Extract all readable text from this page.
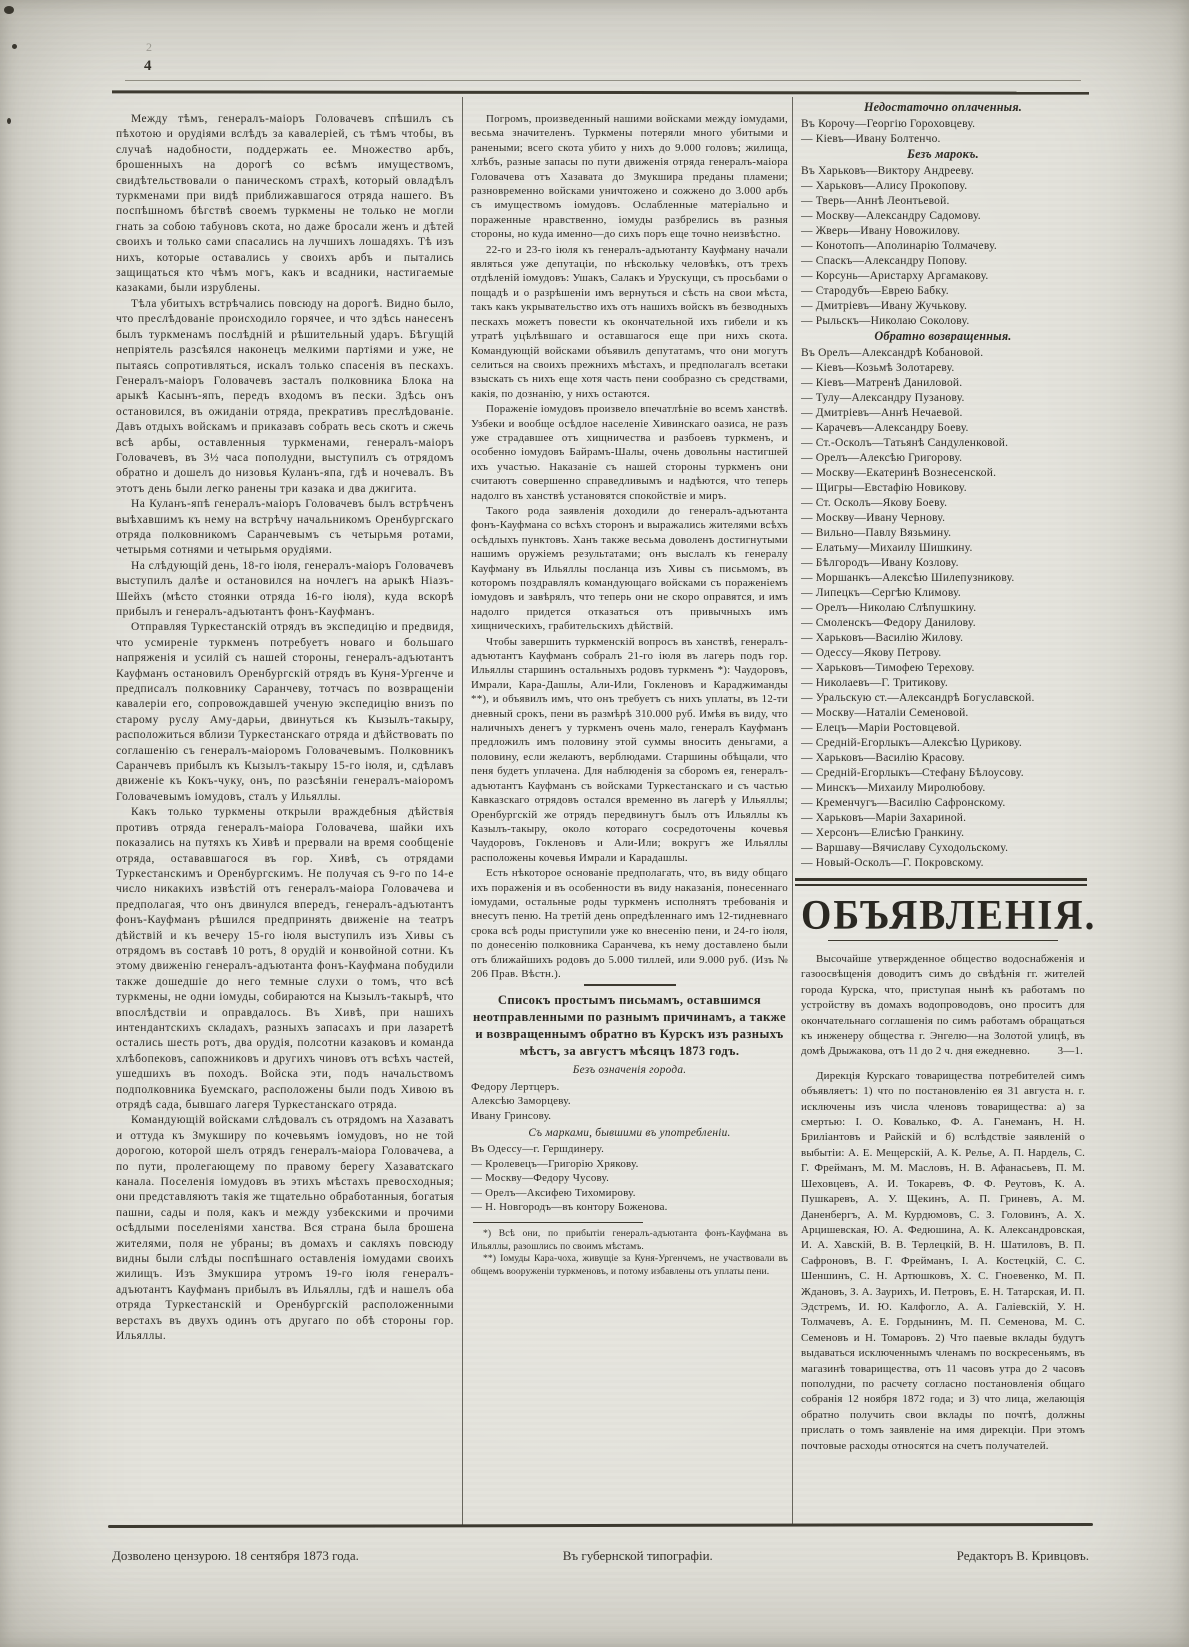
2
4

Между тѣмъ, генералъ-маіоръ Головачевъ спѣшилъ съ пѣхотою и орудіями вслѣдъ за кавалеріей, съ тѣмъ чтобы, въ случаѣ надобности, поддержать ее. Множество арбъ, брошенныхъ на дорогѣ со всѣмъ имуществомъ, свидѣтельствовали о паническомъ страхѣ, который овладѣлъ туркменами при видѣ приближавшагося отряда нашего. Въ поспѣшномъ бѣгствѣ своемъ туркмены не только не могли гнать за собою табуновъ скота, но даже бросали женъ и дѣтей своихъ и только сами спасались на лучшихъ лошадяхъ. Тѣ изъ нихъ, которые оставались у своихъ арбъ и пытались защищаться кто чѣмъ могъ, какъ и всадники, настигаемые казаками, были изрублены.

Тѣла убитыхъ встрѣчались повсюду на дорогѣ. Видно было, что преслѣдованіе происходило горячее, и что здѣсь нанесенъ былъ туркменамъ послѣдній и рѣшительный ударъ. Бѣгущій непріятель разсѣялся наконецъ мелкими партіями и уже, не пытаясь сопротивляться, искалъ только спасенія въ пескахъ. Генералъ-маіоръ Головачевъ засталъ полковника Блока на арыкѣ Касынъ-япъ, передъ входомъ въ пески. Здѣсь онъ остановился, въ ожиданіи отряда, прекративъ преслѣдованіе. Давъ отдыхъ войскамъ и приказавъ собрать весь скотъ и сжечь всѣ арбы, оставленныя туркменами, генералъ-маіоръ Головачевъ, въ 3½ часа пополудни, выступилъ съ отрядомъ обратно и дошелъ до низовья Куланъ-япа, гдѣ и ночевалъ. Въ этотъ день были легко ранены три казака и два джигита.

На Куланъ-япѣ генералъ-маіоръ Головачевъ былъ встрѣченъ выѣхавшимъ къ нему на встрѣчу начальникомъ Оренбургскаго отряда полковникомъ Саранчевымъ съ четырьмя ротами, четырьмя сотнями и четырьмя орудіями.

На слѣдующій день, 18-го іюля, генералъ-маіоръ Головачевъ выступилъ далѣе и остановился на ночлегъ на арыкѣ Ніазъ-Шейхъ (мѣсто стоянки отряда 16-го іюля), куда вскорѣ прибылъ и генералъ-адъютантъ фонъ-Кауфманъ.

Отправляя Туркестанскій отрядъ въ экспедицію и предвидя, что усмиреніе туркменъ потребуетъ новаго и большаго напряженія и усилій съ нашей стороны, генералъ-адъютантъ Кауфманъ остановилъ Оренбургскій отрядъ въ Куня-Ургенче и предписалъ полковнику Саранчеву, тотчасъ по возвращеніи кавалеріи его, сопровождавшей ученую экспедицію внизъ по старому руслу Аму-дарьи, двинуться къ Кызылъ-такыру, расположиться вблизи Туркестанскаго отряда и дѣйствовать по соглашенію съ генералъ-маіоромъ Головачевымъ. Полковникъ Саранчевъ прибылъ къ Кызылъ-такыру 15-го іюля, и, сдѣлавъ движеніе къ Кокъ-чуку, онъ, по разсѣяніи генералъ-маіоромъ Головачевымъ іомудовъ, сталъ у Ильяллы.

Какъ только туркмены открыли враждебныя дѣйствія противъ отряда генералъ-маіора Головачева, шайки ихъ показались на путяхъ къ Хивѣ и прервали на время сообщеніе отряда, остававшагося въ гор. Хивѣ, съ отрядами Туркестанскимъ и Оренбургскимъ. Не получая съ 9-го по 14-е число никакихъ извѣстій отъ генералъ-маіора Головачева и предполагая, что онъ двинулся впередъ, генералъ-адъютантъ фонъ-Кауфманъ рѣшился предпринять движеніе на театръ дѣйствій и къ вечеру 15-го іюля выступилъ изъ Хивы съ отрядомъ въ составѣ 10 ротъ, 8 орудій и конвойной сотни. Къ этому движенію генералъ-адъютанта фонъ-Кауфмана побудили также дошедшіе до него темные слухи о томъ, что всѣ туркмены, не одни іомуды, собираются на Кызылъ-такырѣ, что впослѣдствіи и оправдалось. Въ Хивѣ, при нашихъ интендантскихъ складахъ, разныхъ запасахъ и при лазаретѣ остались шесть ротъ, два орудія, полсотни казаковъ и команда хлѣбопековъ, сапожниковъ и другихъ чиновъ отъ всѣхъ частей, ушедшихъ въ походъ. Войска эти, подъ начальствомъ подполковника Буемскаго, расположены были подъ Хивою въ отрядѣ сада, бывшаго лагеря Туркестанскаго отряда.

Командующій войсками слѣдовалъ съ отрядомъ на Хазаватъ и оттуда къ Змукширу по кочевьямъ іомудовъ, но не той дорогою, которой шелъ отрядъ генералъ-маіора Головачева, а по пути, пролегающему по правому берегу Хазаватскаго канала. Поселенія іомудовъ въ этихъ мѣстахъ превосходныя; они представляютъ такія же тщательно обработанныя, богатыя пашни, сады и поля, какъ и между узбекскими и прочими осѣдлыми поселеніями ханства. Вся страна была брошена жителями, поля не убраны; въ домахъ и сакляхъ повсюду видны были слѣды поспѣшнаго оставленія іомудами своихъ жилищъ. Изъ Змукшира утромъ 19-го іюля генералъ-адъютантъ Кауфманъ прибылъ въ Ильяллы, гдѣ и нашелъ оба отряда Туркестанскій и Оренбургскій расположенными верстахъ въ двухъ одинъ отъ другаго по обѣ стороны гор. Ильяллы.

Погромъ, произведенный нашими войсками между іомудами, весьма значителенъ. Туркмены потеряли много убитыми и ранеными; всего скота убито у нихъ до 9.000 головъ; жилища, хлѣбъ, разные запасы по пути движенія отряда генералъ-маіора Головачева отъ Хазавата до Змукшира преданы пламени; разновременно войсками уничтожено и сожжено до 3.000 арбъ съ имуществомъ іомудовъ. Ослабленные матеріально и пораженные нравственно, іомуды разбрелись въ разныя стороны, но куда именно—до сихъ поръ еще точно неизвѣстно.

22-го и 23-го іюля къ генералъ-адъютанту Кауфману начали являться уже депутаціи, по нѣскольку человѣкъ, отъ трехъ отдѣленій іомудовъ: Ушакъ, Салакъ и Урускущи, съ просьбами о пощадѣ и о разрѣшеніи имъ вернуться и сѣсть на свои мѣста, такъ какъ укрывательство ихъ отъ нашихъ войскъ въ безводныхъ пескахъ можетъ повести къ окончательной ихъ гибели и къ утратѣ уцѣлѣвшаго и оставшагося еще при нихъ скота. Командующій войсками объявилъ депутатамъ, что они могутъ селиться на своихъ прежнихъ мѣстахъ, и предполагалъ всетаки взыскать съ нихъ еще хотя часть пени сообразно съ средствами, какія, по дознанію, у нихъ остаются.

Пораженіе іомудовъ произвело впечатлѣніе во всемъ ханствѣ. Узбеки и вообще осѣдлое населеніе Хивинскаго оазиса, не разъ уже страдавшее отъ хищничества и разбоевъ туркменъ, и особенно іомудовъ Байрамъ-Шалы, очень довольны настигшей ихъ участью. Наказаніе съ нашей стороны туркменъ они считаютъ совершенно справедливымъ и надѣются, что теперь надолго въ ханствѣ установятся спокойствіе и миръ.

Такого рода заявленія доходили до генералъ-адъютанта фонъ-Кауфмана со всѣхъ сторонъ и выражались жителями всѣхъ осѣдлыхъ пунктовъ. Ханъ также весьма доволенъ достигнутыми нашимъ оружіемъ результатами; онъ выслалъ къ генералу Кауфману въ Ильяллы посланца изъ Хивы съ письмомъ, въ которомъ поздравлялъ командующаго войсками съ пораженіемъ іомудовъ и завѣрялъ, что теперь они не скоро оправятся, и имъ надолго придется отказаться отъ привычныхъ имъ хищническихъ, грабительскихъ дѣйствій.

Чтобы завершить туркменскій вопросъ въ ханствѣ, генералъ-адъютантъ Кауфманъ собралъ 21-го іюля въ лагерь подъ гор. Ильяллы старшинъ остальныхъ родовъ туркменъ *): Чаудоровъ, Имрали, Кара-Дашлы, Али-Или, Гокленовъ и Караджиманды **), и объявилъ имъ, что онъ требуетъ съ нихъ уплаты, въ 12-ти дневный срокъ, пени въ размѣрѣ 310.000 руб. Имѣя въ виду, что наличныхъ денегъ у туркменъ очень мало, генералъ Кауфманъ предложилъ имъ половину этой суммы вносить деньгами, а половину, если желаютъ, верблюдами. Старшины обѣщали, что пеня будетъ уплачена. Для наблюденія за сборомъ ея, генералъ-адъютантъ Кауфманъ съ войсками Туркестанскаго и съ частью Кавказскаго отрядовъ остался временно въ лагерѣ у Ильяллы; Оренбургскій же отрядъ передвинутъ былъ отъ Ильяллы къ Казылъ-такыру, около котораго сосредоточены кочевья Чаудоровъ, Гокленовъ и Али-Или; вокругъ же Ильяллы расположены кочевья Имрали и Карадашлы.

Есть нѣкоторое основаніе предполагать, что, въ виду общаго ихъ пораженія и въ особенности въ виду наказанія, понесеннаго іомудами, остальные роды туркменъ исполнятъ требованія и внесутъ пеню. На третій день опредѣленнаго имъ 12-тидневнаго срока всѣ роды приступили уже ко внесенію пени, и 24-го іюля, по донесенію полковника Саранчева, къ нему доставлено были отъ ближайшихъ родовъ до 5.000 тиллей, или 9.000 руб. (Изъ № 206 Прав. Вѣстн.).

Списокъ простымъ письмамъ, оставшимся неотправленными по разнымъ причинамъ, а также и возвращеннымъ обратно въ Курскъ изъ разныхъ мѣстъ, за августъ мѣсяцъ 1873 годъ.
Безъ означенія города.
Федору Лертцеръ.
Алексѣю Заморцеву.
Ивану Гринсову.
Съ марками, бывшими въ употребленіи.
Въ Одессу—г. Гершдинеру.
— Кролевецъ—Григорію Хрякову.
— Москву—Федору Чусову.
— Орелъ—Аксифею Тихомирову.
— Н. Новгородъ—въ контору Боженова.

*) Всѣ они, по прибытіи генералъ-адъютанта фонъ-Кауфмана въ Ильяллы, разошлись по своимъ мѣстамъ.

**) Іомуды Кара-чоха, живущіе за Куня-Ургенчемъ, не участвовали въ общемъ вооруженіи туркменовъ, и потому избавлены отъ уплаты пени.

Недостаточно оплаченныя.
Въ Корочу—Георгію Гороховцеву.
— Кіевъ—Ивану Болтенчо.
Безъ марокъ.
Въ Харьковъ—Виктору Андрееву.
— Харьковъ—Алису Прокопову.
— Тверь—Аннѣ Леонтьевой.
— Москву—Александру Садомову.
— Жверь—Ивану Новожилову.
— Конотопъ—Аполинарію Толмачеву.
— Спаскъ—Александру Попову.
— Корсунь—Аристарху Аргамакову.
— Стародубъ—Еврею Бабку.
— Дмитріевъ—Ивану Жучькову.
— Рыльскъ—Николаю Соколову.
Обратно возвращенныя.
Въ Орелъ—Александрѣ Кобановой.
— Кіевъ—Козьмѣ Золотареву.
— Кіевъ—Матренѣ Даниловой.
— Тулу—Александру Пузанову.
— Дмитріевъ—Аннѣ Нечаевой.
— Карачевъ—Александру Боеву.
— Ст.-Осколъ—Татьянѣ Сандуленковой.
— Орелъ—Алексѣю Григорову.
— Москву—Екатеринѣ Вознесенской.
— Щигры—Евстафію Новикову.
— Ст. Осколъ—Якову Боеву.
— Москву—Ивану Чернову.
— Вильно—Павлу Вязьмину.
— Елатьму—Михаилу Шишкину.
— Бѣлгородъ—Ивану Козлову.
— Моршанкъ—Алексѣю Шилепузникову.
— Липецкъ—Сергѣю Климову.
— Орелъ—Николаю Слѣпушкину.
— Смоленскъ—Федору Данилову.
— Харьковъ—Василію Жилову.
— Одессу—Якову Петрову.
— Харьковъ—Тимофею Терехову.
— Николаевъ—Г. Тритикову.
— Уральскую ст.—Александрѣ Богуславской.
— Москву—Наталіи Семеновой.
— Елецъ—Маріи Ростовцевой.
— Средній-Егорлыкъ—Алексѣю Цурикову.
— Харьковъ—Василію Красову.
— Средній-Егорлыкъ—Стефану Бѣлоусову.
— Минскъ—Михаилу Миролюбову.
— Кременчугъ—Василію Сафронскому.
— Харьковъ—Маріи Захариной.
— Херсонъ—Елисѣю Гранкину.
— Варшаву—Вячиславу Суходольскому.
— Новый-Осколъ—Г. Покровскому.
ОБЪЯВЛЕНІЯ.

Высочайше утвержденное общество водоснабженія и газоосвѣщенія доводитъ симъ до свѣдѣнія гг. жителей города Курска, что, приступая нынѣ къ работамъ по устройству въ домахъ водопроводовъ, оно проситъ для окончательнаго соглашенія по симъ работамъ обращаться къ инженеру общества г. Энгелю—на Золотой улицѣ, въ домѣ Дрыжакова, отъ 11 до 2 ч. дня ежедневно.	3—1.

Дирекція Курскаго товарищества потребителей симъ объявляетъ: 1) что по постановленію ея 31 августа н. г. исключены изъ числа членовъ товарищества: а) за смертью: І. О. Ковалько, Ф. А. Ганеманъ, Н. Н. Бриліантовъ и Райскій и б) вслѣдствіе заявленій о выбытіи: А. Е. Мещерскій, А. К. Релье, А. П. Нардель, С. Г. Фрейманъ, М. М. Масловъ, Н. В. Афанасьевъ, П. М. Шеховцевъ, А. И. Токаревъ, Ф. Ф. Реутовъ, К. А. Пушкаревъ, А. У. Щекинъ, А. П. Гриневъ, А. М. Даненбергъ, А. М. Курдюмовъ, С. З. Головинъ, А. Х. Арцишевская, Ю. А. Федюшина, А. К. Александровская, И. А. Хавскій, В. В. Терлецкій, В. Н. Шатиловъ, В. П. Сафроновъ, В. Г. Фрейманъ, І. А. Костецкій, С. С. Шеншинъ, С. Н. Артюшковъ, Х. С. Гноевенко, М. П. Ждановъ, З. А. Заурихъ, И. Петровъ, Е. Н. Татарская, И. П. Эдстремъ, И. Ю. Калфогло, А. А. Галіевскій, У. Н. Толмачевъ, А. Е. Гордынинъ, М. П. Семенова, М. С. Семеновъ и Н. Томаровъ. 2) Что паевые вклады будутъ выдаваться исключеннымъ членамъ по воскресеньямъ, въ магазинѣ товарищества, отъ 11 часовъ утра до 2 часовъ пополудни, по расчету согласно постановленія общаго собранія 12 ноября 1872 года; и 3) что лица, желающія обратно получить свои вклады по почтѣ, должны прислать о томъ заявленіе на имя дирекціи. При этомъ почтовые расходы относятся на счетъ получателей.

Дозволено цензурою. 18 сентября 1873 года.	Въ губернской типографіи.	Редакторъ В. Кривцовъ.
